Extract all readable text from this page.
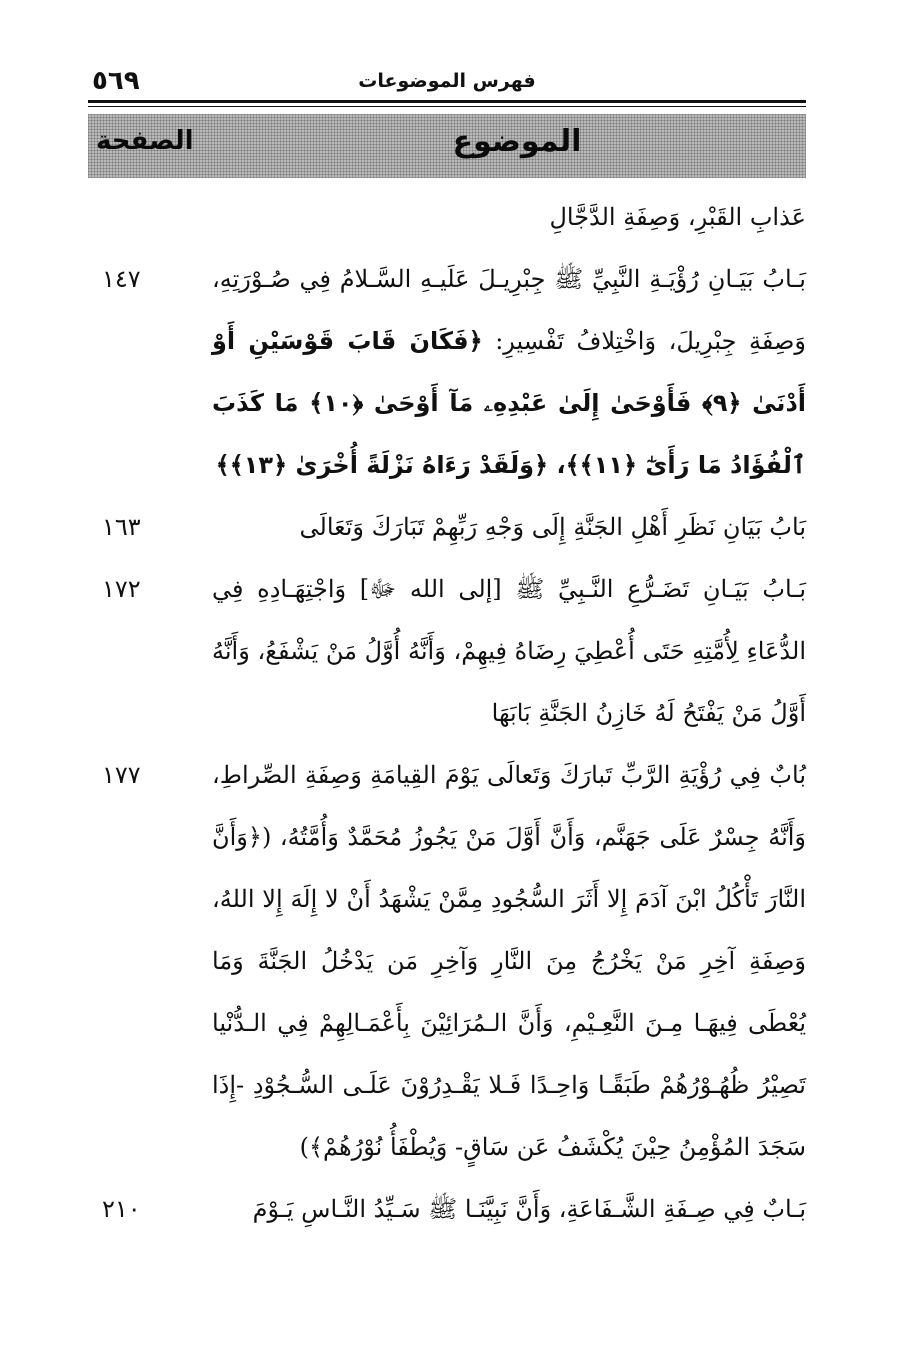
٥٦٩	فهرس الموضوعات
الموضوع
الصفحة
عَذابِ القَبْرِ، وَصِفَةِ الدَّجَّالِ
بَـابُ بَيَـانِ رُؤْيَـةِ النَّبِيِّ ﷺ جِبْرِيـلَ عَلَيـهِ السَّـلامُ فِي صُـوْرَتِهِ، وَصِفَةِ جِبْرِيلَ، وَاخْتِلافُ تَفْسِيرِ: ﴿فَكَانَ قَابَ قَوْسَيْنِ أَوْ أَدْنَىٰ ﴿٩﴾ فَأَوْحَىٰ إِلَىٰ عَبْدِهِۦ مَآ أَوْحَىٰ ﴿١٠﴾ مَا كَذَبَ ٱلْفُؤَادُ مَا رَأَىٰٓ ﴿١١﴾﴾، ﴿وَلَقَدْ رَءَاهُ نَزْلَةً أُخْرَىٰ ﴿١٣﴾﴾
١٤٧
بَابُ بَيَانِ نَظَرِ أَهْلِ الجَنَّةِ إِلَى وَجْهِ رَبِّهِمْ تَبَارَكَ وَتَعَالَى
١٦٣
بَـابُ بَيَـانِ تَضَـرُّعِ النَّـبِيِّ ﷺ [إلى الله ﷻ] وَاجْتِهَـادِهِ فِي الدُّعَاءِ لِأُمَّتِهِ حَتَى أُعْطِيَ رِضَاهُ فِيهِمْ، وَأَنَّهُ أُوَّلُ مَنْ يَشْفَعُ، وَأَنَّهُ أَوَّلُ مَنْ يَفْتَحُ لَهُ خَازِنُ الجَنَّةِ بَابَهَا
١٧٢
بُابٌ فِي رُؤْيَةِ الرَّبِّ تَبارَكَ وَتَعالَى يَوْمَ القِيامَةِ وَصِفَةِ الصِّراطِ، وَأَنَّهُ جِسْرٌ عَلَى جَهَنَّم، وَأَنَّ أَوَّلَ مَنْ يَجُوزُ مُحَمَّدٌ وَأُمَّتُهُ، (﴿وَأَنَّ النَّارَ تَأْكُلُ ابْنَ آدَمَ إِلا أَثَرَ السُّجُودِ مِمَّنْ يَشْهَدُ أَنْ لا إِلَهَ إِلا اللهُ، وَصِفَةِ آخِرِ مَنْ يَخْرُجُ مِنَ النَّارِ وَآخِرِ مَن يَدْخُلُ الجَنَّةَ وَمَا يُعْطَى فِيهَـا مِـنَ النَّعِـيْمِ، وَأَنَّ الـمُرَائِيْنَ بِأَعْمَـالِهِمْ فِي الـدُّنْيا تَصِيْرُ ظُهُـوْرُهُمْ طَبَقًـا وَاحِـدًا فَـلا يَقْـدِرُوْنَ عَلَـى السُّـجُوْدِ -إِذَا سَجَدَ المُؤْمِنُ حِيْنَ يُكْشَفُ عَن سَاقٍ- وَيُطْفَأُ نُوْرُهُمْ﴾)
١٧٧
بَـابٌ فِي صِـفَةِ الشَّـفَاعَةِ، وَأَنَّ نَبِيَّنَـا ﷺ سَـيِّدُ النَّـاسِ يَـوْمَ
٢١٠
